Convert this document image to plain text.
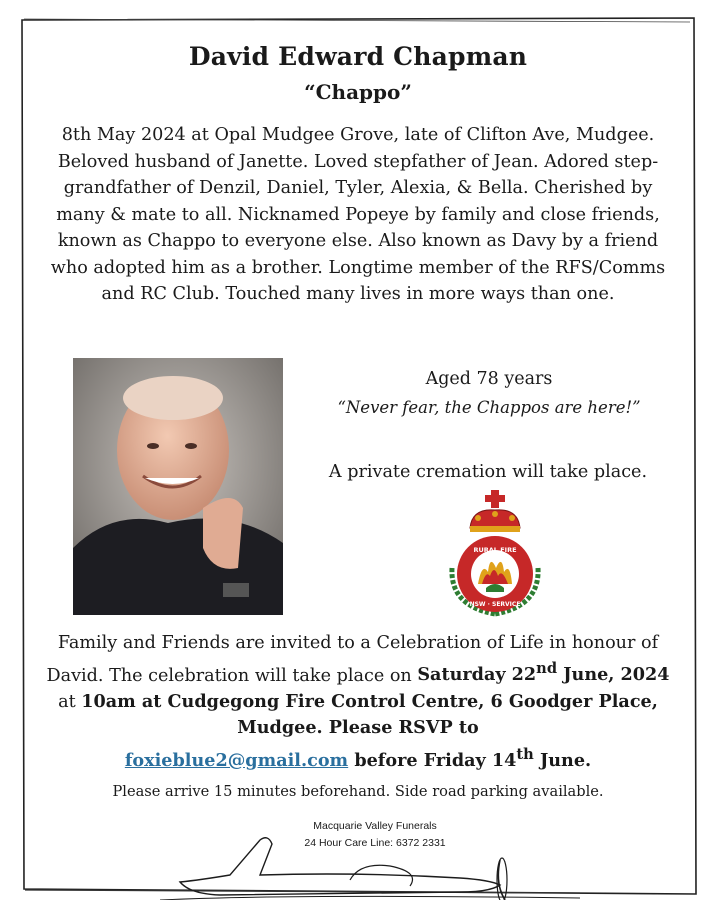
David Edward Chapman
“Chappo”
8th May 2024 at Opal Mudgee Grove, late of Clifton Ave, Mudgee. Beloved husband of Janette. Loved stepfather of Jean. Adored step-grandfather of Denzil, Daniel, Tyler, Alexia, & Bella. Cherished by many & mate to all. Nicknamed Popeye by family and close friends, known as Chappo to everyone else. Also known as Davy by a friend who adopted him as a brother. Longtime member of the RFS/Comms and RC Club. Touched many lives in more ways than one.
Aged 78 years
“Never fear, the Chappos are here!”
A private cremation will take place.
RURAL FIRE
NSW · SERVICE
Family and Friends are invited to a Celebration of Life in honour of David. The celebration will take place on Saturday 22nd June, 2024 at 10am at Cudgegong Fire Control Centre, 6 Goodger Place, Mudgee. Please RSVP to
foxieblue2@gmail.com before Friday 14th June.
Please arrive 15 minutes beforehand. Side road parking available.
Macquarie Valley Funerals
24 Hour Care Line: 6372 2331
